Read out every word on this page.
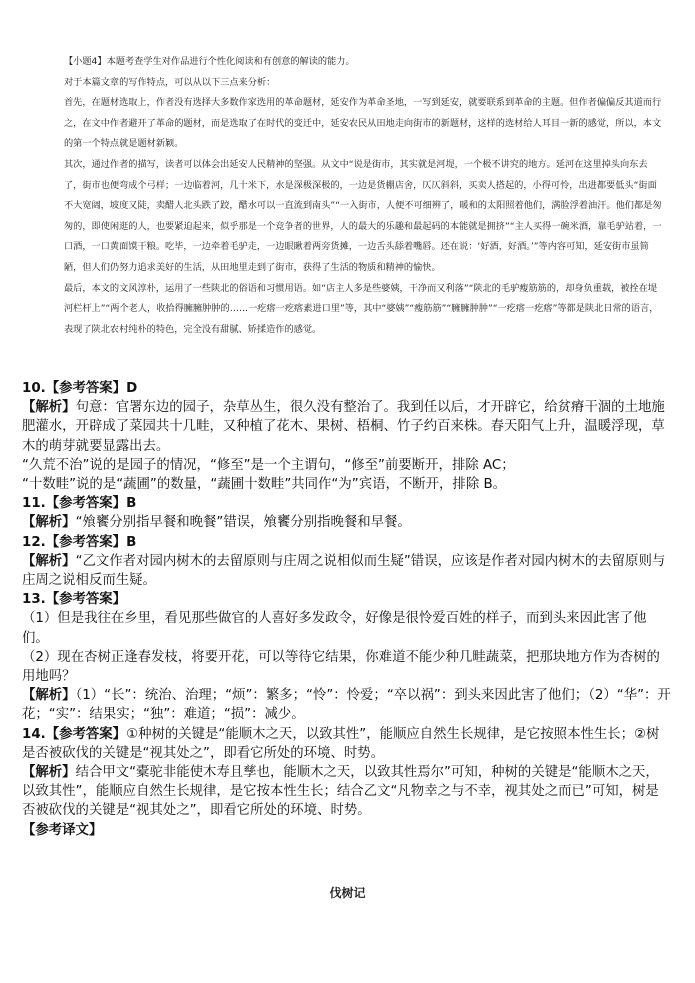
【小题4】本题考查学生对作品进行个性化阅读和有创意的解读的能力。

对于本篇文章的写作特点，可以从以下三点来分析：

首先，在题材选取上，作者没有选择大多数作家选用的革命题材，延安作为革命圣地，一写到延安，就要联系到革命的主题。但作者偏偏反其道而行之，在文中作者避开了革命的题材，而是选取了在时代的变迁中，延安农民从田地走向街市的新题材，这样的选材给人耳目一新的感觉，所以，本文的第一个特点就是题材新颖。

其次，通过作者的描写，读者可以体会出延安人民精神的坚强。从文中“说是街市，其实就是河堤，一个极不讲究的地方。延河在这里掉头向东去了，街市也便弯成个弓样；一边临着河，几十米下，水是深极深极的，一边是货棚店舍，仄仄斜斜，买卖人搭起的，小得可怜，出进都要低头“街面不大宽阔，坡度又陡，卖醋人北头跌了跤，醋水可以一直流到南头”“一入街市，人便不可细辨了，暖和的太阳照着他们，满脸浮着油汗。他们都是匆匆的，即使闲逛的人，也要紧迫起来，似乎那是一个竞争者的世界，人的最大的乐趣和最起码的本能就是拥挤”“主人买得一碗米酒，靠毛驴站着，一口酒，一口黄面馍干粮。吃毕，一边牵着毛驴走，一边眼瞅着两旁货摊，一边舌头舔着嘴唇。还在说：‘好酒，好酒。’”等内容可知，延安街市虽简陋，但人们仍努力追求美好的生活，从田地里走到了街市，获得了生活的物质和精神的愉快。

最后，本文的文风淳朴，运用了一些陕北的俗语和习惯用语。如“店主人多是些婆姨，干净而又利落”“陕北的毛驴瘦筋筋的，却身负重载，被拴在堤河栏杆上”“两个老人，收拾得臃臃肿肿的……一疙瘩一疙瘩素进口里”等，其中“婆姨”“瘦筋筋”“臃臃肿肿”“一疙瘩一疙瘩”等都是陕北日常的语言，表现了陕北农村纯朴的特色，完全没有甜腻、矫揉造作的感觉。

10.【参考答案】D

【解析】句意：官署东边的园子，杂草丛生，很久没有整治了。我到任以后，才开辟它，给贫瘠干涸的土地施肥灌水，开辟成了菜园共十几畦，又种植了花木、果树、梧桐、竹子约百来株。春天阳气上升，温暖浮现，草木的萌芽就要显露出去。

“久荒不治”说的是园子的情况，“修至”是一个主谓句，“修至”前要断开，排除 AC；

“十数畦”说的是“蔬圃”的数量，“蔬圃十数畦”共同作“为”宾语，不断开，排除 B。

11.【参考答案】B

【解析】“飧饔分别指早餐和晚餐”错误，飧饔分别指晚餐和早餐。

12.【参考答案】B

【解析】“乙文作者对园内树木的去留原则与庄周之说相似而生疑”错误，应该是作者对园内树木的去留原则与庄周之说相反而生疑。

13.【参考答案】

（1）但是我往在乡里，看见那些做官的人喜好多发政令，好像是很怜爱百姓的样子，而到头来因此害了他们。

（2）现在杏树正逢春发枝，将要开花，可以等待它结果，你难道不能少种几畦蔬菜，把那块地方作为杏树的用地吗？

【解析】（1）“长”：统治、治理；“烦”：繁多；“怜”：怜爱；“卒以祸”：到头来因此害了他们；（2）“华”：开花；“实”：结果实；“独”：难道；“损”：减少。

14.【参考答案】①种树的关键是“能顺木之天，以致其性”，能顺应自然生长规律，是它按照本性生长；②树是否被砍伐的关键是“视其处之”，即看它所处的环境、时势。

【解析】结合甲文“橐驼非能使木寿且孳也，能顺木之天，以致其性焉尔”可知，种树的关键是“能顺木之天，以致其性”，能顺应自然生长规律，是它按本性生长；结合乙文“凡物幸之与不幸，视其处之而已”可知，树是否被砍伐的关键是“视其处之”，即看它所处的环境、时势。

【参考译文】

伐树记
